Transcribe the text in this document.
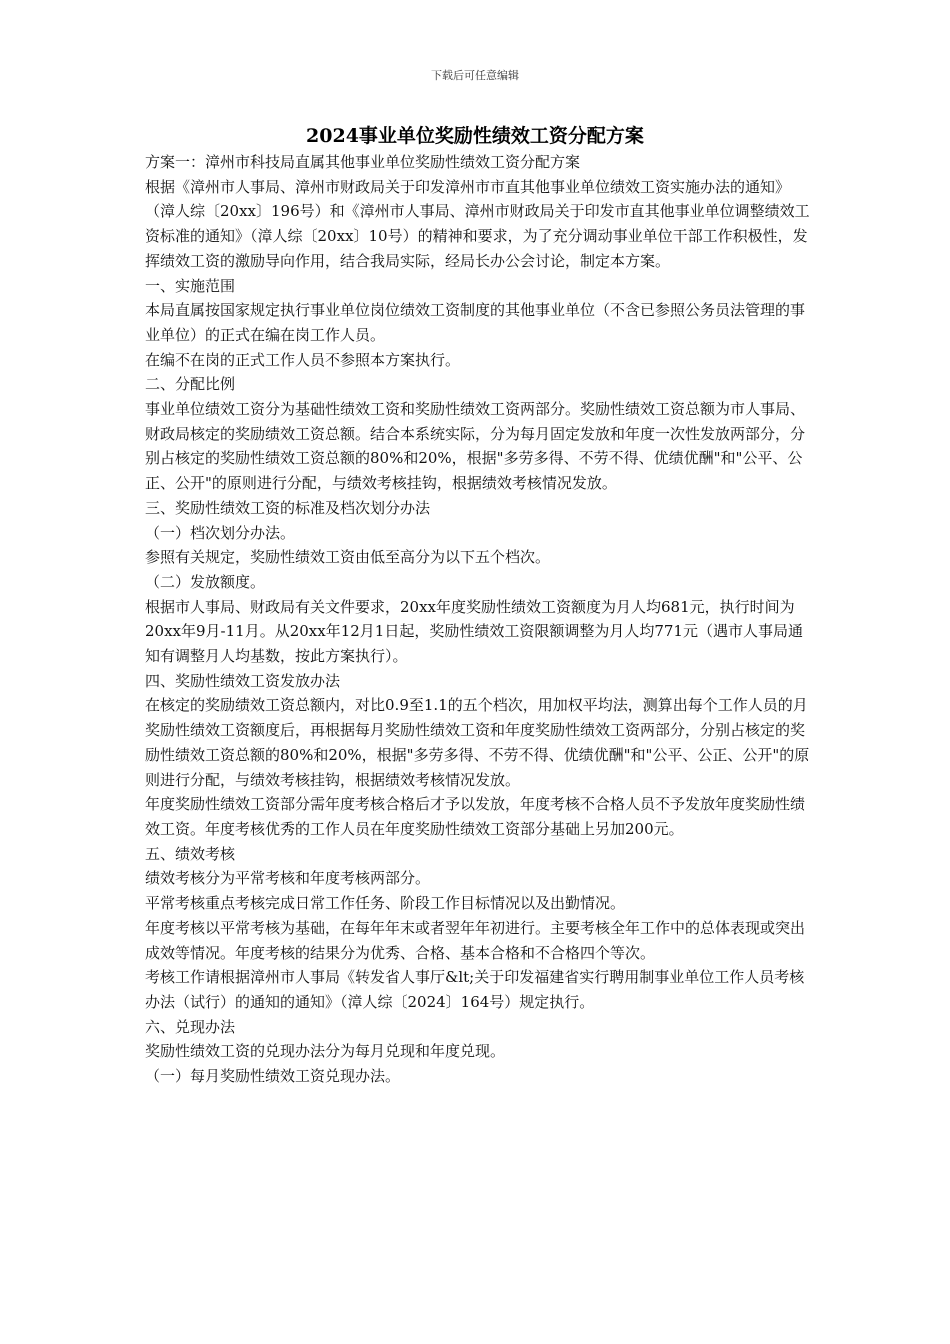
下载后可任意编辑
2024事业单位奖励性绩效工资分配方案

方案一：漳州市科技局直属其他事业单位奖励性绩效工资分配方案

根据《漳州市人事局、漳州市财政局关于印发漳州市市直其他事业单位绩效工资实施办法的通知》（漳人综〔20xx〕196号）和《漳州市人事局、漳州市财政局关于印发市直其他事业单位调整绩效工资标准的通知》（漳人综〔20xx〕10号）的精神和要求，为了充分调动事业单位干部工作积极性，发挥绩效工资的激励导向作用，结合我局实际，经局长办公会讨论，制定本方案。

一、实施范围

本局直属按国家规定执行事业单位岗位绩效工资制度的其他事业单位（不含已参照公务员法管理的事业单位）的正式在编在岗工作人员。

在编不在岗的正式工作人员不参照本方案执行。

二、分配比例

事业单位绩效工资分为基础性绩效工资和奖励性绩效工资两部分。奖励性绩效工资总额为市人事局、财政局核定的奖励绩效工资总额。结合本系统实际，分为每月固定发放和年度一次性发放两部分，分别占核定的奖励性绩效工资总额的80%和20%，根据"多劳多得、不劳不得、优绩优酬"和"公平、公正、公开"的原则进行分配，与绩效考核挂钩，根据绩效考核情况发放。

三、奖励性绩效工资的标准及档次划分办法

（一）档次划分办法。

参照有关规定，奖励性绩效工资由低至高分为以下五个档次。

（二）发放额度。

根据市人事局、财政局有关文件要求，20xx年度奖励性绩效工资额度为月人均681元，执行时间为20xx年9月-11月。从20xx年12月1日起，奖励性绩效工资限额调整为月人均771元（遇市人事局通知有调整月人均基数，按此方案执行）。

四、奖励性绩效工资发放办法

在核定的奖励绩效工资总额内，对比0.9至1.1的五个档次，用加权平均法，测算出每个工作人员的月奖励性绩效工资额度后，再根据每月奖励性绩效工资和年度奖励性绩效工资两部分，分别占核定的奖励性绩效工资总额的80%和20%，根据"多劳多得、不劳不得、优绩优酬"和"公平、公正、公开"的原则进行分配，与绩效考核挂钩，根据绩效考核情况发放。

年度奖励性绩效工资部分需年度考核合格后才予以发放，年度考核不合格人员不予发放年度奖励性绩效工资。年度考核优秀的工作人员在年度奖励性绩效工资部分基础上另加200元。

五、绩效考核

绩效考核分为平常考核和年度考核两部分。

平常考核重点考核完成日常工作任务、阶段工作目标情况以及出勤情况。

年度考核以平常考核为基础，在每年年末或者翌年年初进行。主要考核全年工作中的总体表现或突出成效等情况。年度考核的结果分为优秀、合格、基本合格和不合格四个等次。

考核工作请根据漳州市人事局《转发省人事厅&lt;关于印发福建省实行聘用制事业单位工作人员考核办法（试行）的通知的通知》（漳人综〔2024〕164号）规定执行。

六、兑现办法

奖励性绩效工资的兑现办法分为每月兑现和年度兑现。

（一）每月奖励性绩效工资兑现办法。
